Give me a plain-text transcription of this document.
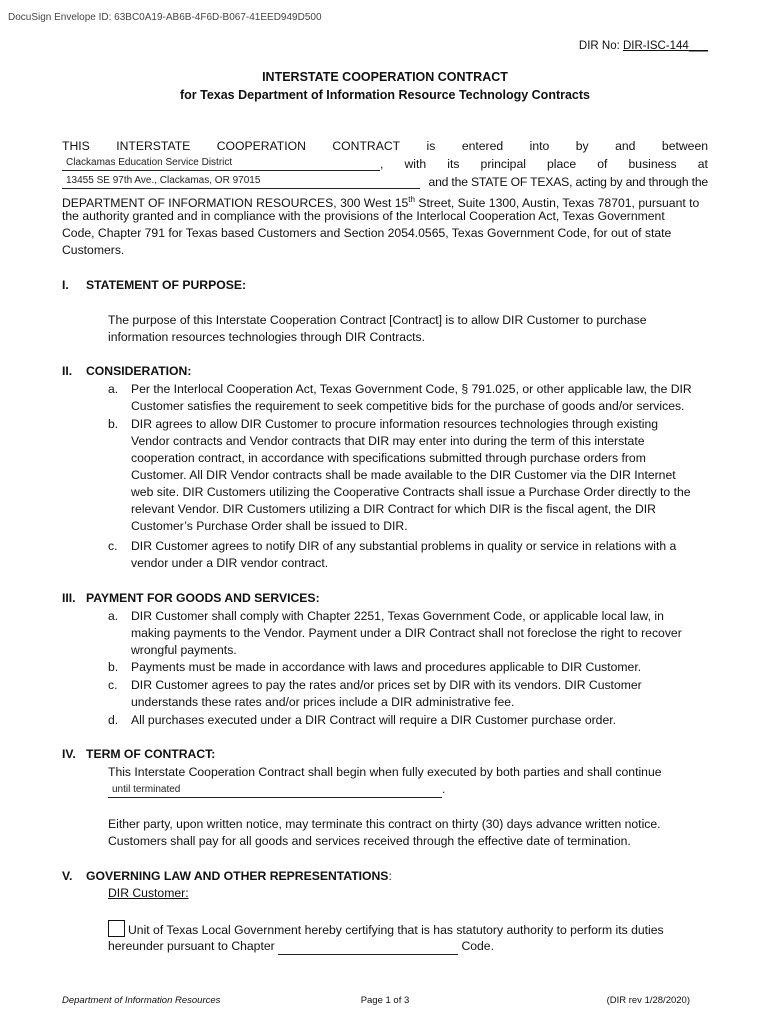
DocuSign Envelope ID: 63BC0A19-AB6B-4F6D-B067-41EED949D500
DIR No: DIR-ISC-144___
INTERSTATE COOPERATION CONTRACT
for Texas Department of Information Resource Technology Contracts
THIS INTERSTATE COOPERATION CONTRACT is entered into by and between
Clackamas Education Service District	, with its principal place of business at
13455 SE 97th Ave., Clackamas, OR 97015	and the STATE OF TEXAS, acting by and through the
DEPARTMENT OF INFORMATION RESOURCES, 300 West 15th Street, Suite 1300, Austin, Texas 78701, pursuant to
the authority granted and in compliance with the provisions of the Interlocal Cooperation Act, Texas Government
Code, Chapter 791 for Texas based Customers and Section 2054.0565, Texas Government Code, for out of state
Customers.
I. STATEMENT OF PURPOSE:
The purpose of this Interstate Cooperation Contract [Contract] is to allow DIR Customer to purchase
information resources technologies through DIR Contracts.
II. CONSIDERATION:
a.	Per the Interlocal Cooperation Act, Texas Government Code, § 791.025, or other applicable law, the DIR
Customer satisfies the requirement to seek competitive bids for the purchase of goods and/or services.
b.	DIR agrees to allow DIR Customer to procure information resources technologies through existing
Vendor contracts and Vendor contracts that DIR may enter into during the term of this interstate
cooperation contract, in accordance with specifications submitted through purchase orders from
Customer. All DIR Vendor contracts shall be made available to the DIR Customer via the DIR Internet
web site. DIR Customers utilizing the Cooperative Contracts shall issue a Purchase Order directly to the
relevant Vendor. DIR Customers utilizing a DIR Contract for which DIR is the fiscal agent, the DIR
Customer’s Purchase Order shall be issued to DIR.
c.	DIR Customer agrees to notify DIR of any substantial problems in quality or service in relations with a
vendor under a DIR vendor contract.
III. PAYMENT FOR GOODS AND SERVICES:
a.	DIR Customer shall comply with Chapter 2251, Texas Government Code, or applicable local law, in
making payments to the Vendor. Payment under a DIR Contract shall not foreclose the right to recover
wrongful payments.
b.	Payments must be made in accordance with laws and procedures applicable to DIR Customer.
c.	DIR Customer agrees to pay the rates and/or prices set by DIR with its vendors. DIR Customer
understands these rates and/or prices include a DIR administrative fee.
d.	All purchases executed under a DIR Contract will require a DIR Customer purchase order.
IV. TERM OF CONTRACT:
This Interstate Cooperation Contract shall begin when fully executed by both parties and shall continue
until terminated	.
Either party, upon written notice, may terminate this contract on thirty (30) days advance written notice.
Customers shall pay for all goods and services received through the effective date of termination.
V. GOVERNING LAW AND OTHER REPRESENTATIONS:
DIR Customer:
Unit of Texas Local Government hereby certifying that is has statutory authority to perform its duties
hereunder pursuant to Chapter	Code.
Department of Information Resources	Page 1 of 3	(DIR rev 1/28/2020)
